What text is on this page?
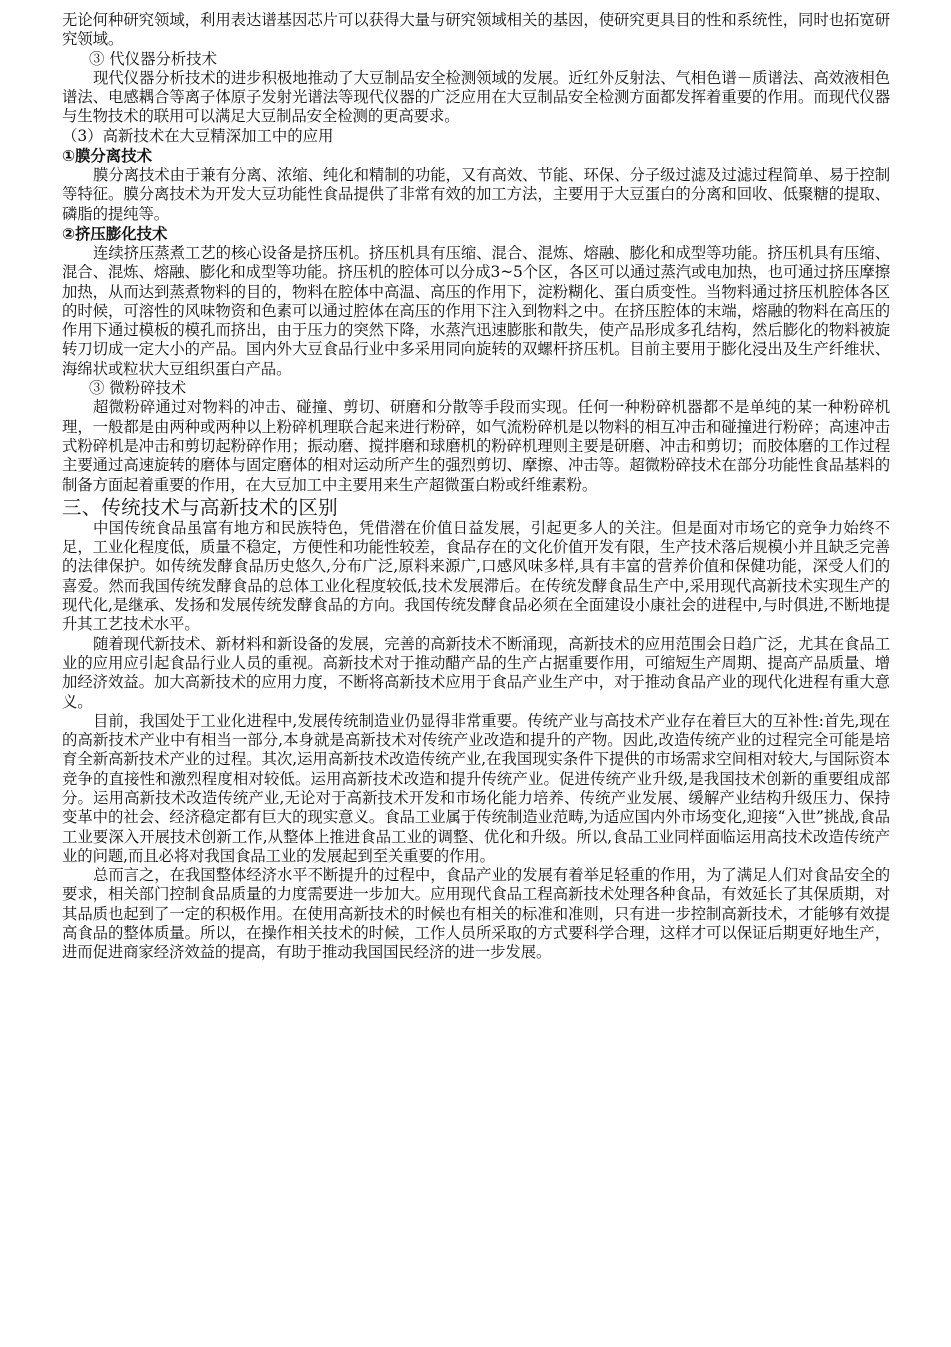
无论何种研究领域，利用表达谱基因芯片可以获得大量与研究领域相关的基因，使研究更具目的性和系统性，同时也拓宽研究领域。

③ 代仪器分析技术

现代仪器分析技术的进步积极地推动了大豆制品安全检测领域的发展。近红外反射法、气相色谱－质谱法、高效液相色谱法、电感耦合等离子体原子发射光谱法等现代仪器的广泛应用在大豆制品安全检测方面都发挥着重要的作用。而现代仪器与生物技术的联用可以满足大豆制品安全检测的更高要求。

（3）高新技术在大豆精深加工中的应用

①膜分离技术

膜分离技术由于兼有分离、浓缩、纯化和精制的功能，又有高效、节能、环保、分子级过滤及过滤过程简单、易于控制等特征。膜分离技术为开发大豆功能性食品提供了非常有效的加工方法，主要用于大豆蛋白的分离和回收、低聚糖的提取、磷脂的提纯等。

②挤压膨化技术

连续挤压蒸煮工艺的核心设备是挤压机。挤压机具有压缩、混合、混炼、熔融、膨化和成型等功能。挤压机具有压缩、混合、混炼、熔融、膨化和成型等功能。挤压机的腔体可以分成3~5个区，各区可以通过蒸汽或电加热，也可通过挤压摩擦加热，从而达到蒸煮物料的目的，物料在腔体中高温、高压的作用下，淀粉糊化、蛋白质变性。当物料通过挤压机腔体各区的时候，可溶性的风味物资和色素可以通过腔体在高压的作用下注入到物料之中。在挤压腔体的末端，熔融的物料在高压的作用下通过模板的模孔而挤出，由于压力的突然下降，水蒸汽迅速膨胀和散失，使产品形成多孔结构，然后膨化的物料被旋转刀切成一定大小的产品。国内外大豆食品行业中多采用同向旋转的双螺杆挤压机。目前主要用于膨化浸出及生产纤维状、海绵状或粒状大豆组织蛋白产品。

③ 微粉碎技术

超微粉碎通过对物料的冲击、碰撞、剪切、研磨和分散等手段而实现。任何一种粉碎机器都不是单纯的某一种粉碎机理，一般都是由两种或两种以上粉碎机理联合起来进行粉碎，如气流粉碎机是以物料的相互冲击和碰撞进行粉碎；高速冲击式粉碎机是冲击和剪切起粉碎作用；振动磨、搅拌磨和球磨机的粉碎机理则主要是研磨、冲击和剪切；而胶体磨的工作过程主要通过高速旋转的磨体与固定磨体的相对运动所产生的强烈剪切、摩擦、冲击等。超微粉碎技术在部分功能性食品基料的制备方面起着重要的作用，在大豆加工中主要用来生产超微蛋白粉或纤维素粉。

三、传统技术与高新技术的区别

中国传统食品虽富有地方和民族特色，凭借潜在价值日益发展，引起更多人的关注。但是面对市场它的竞争力始终不足，工业化程度低，质量不稳定，方便性和功能性较差，食品存在的文化价值开发有限，生产技术落后规模小并且缺乏完善的法律保护。如传统发酵食品历史悠久,分布广泛,原料来源广,口感风味多样,具有丰富的营养价值和保健功能，深受人们的喜爱。然而我国传统发酵食品的总体工业化程度较低,技术发展滞后。在传统发酵食品生产中,采用现代高新技术实现生产的现代化,是继承、发扬和发展传统发酵食品的方向。我国传统发酵食品必须在全面建设小康社会的进程中,与时俱进,不断地提升其工艺技术水平。

随着现代新技术、新材料和新设备的发展，完善的高新技术不断涌现，高新技术的应用范围会日趋广泛，尤其在食品工业的应用应引起食品行业人员的重视。高新技术对于推动醋产品的生产占据重要作用，可缩短生产周期、提高产品质量、增加经济效益。加大高新技术的应用力度，不断将高新技术应用于食品产业生产中，对于推动食品产业的现代化进程有重大意义。

目前，我国处于工业化进程中,发展传统制造业仍显得非常重要。传统产业与高技术产业存在着巨大的互补性:首先,现在的高新技术产业中有相当一部分,本身就是高新技术对传统产业改造和提升的产物。因此,改造传统产业的过程完全可能是培育全新高新技术产业的过程。其次,运用高新技术改造传统产业,在我国现实条件下提供的市场需求空间相对较大,与国际资本竞争的直接性和激烈程度相对较低。运用高新技术改造和提升传统产业。促进传统产业升级,是我国技术创新的重要组成部分。运用高新技术改造传统产业,无论对于高新技术开发和市场化能力培养、传统产业发展、缓解产业结构升级压力、保持变革中的社会、经济稳定都有巨大的现实意义。食品工业属于传统制造业范畴,为适应国内外市场变化,迎接“入世”挑战,食品工业要深入开展技术创新工作,从整体上推进食品工业的调整、优化和升级。所以,食品工业同样面临运用高技术改造传统产业的问题,而且必将对我国食品工业的发展起到至关重要的作用。

总而言之，在我国整体经济水平不断提升的过程中，食品产业的发展有着举足轻重的作用，为了满足人们对食品安全的要求，相关部门控制食品质量的力度需要进一步加大。应用现代食品工程高新技术处理各种食品，有效延长了其保质期，对其品质也起到了一定的积极作用。在使用高新技术的时候也有相关的标准和准则，只有进一步控制高新技术，才能够有效提高食品的整体质量。所以，在操作相关技术的时候，工作人员所采取的方式要科学合理，这样才可以保证后期更好地生产，进而促进商家经济效益的提高，有助于推动我国国民经济的进一步发展。
